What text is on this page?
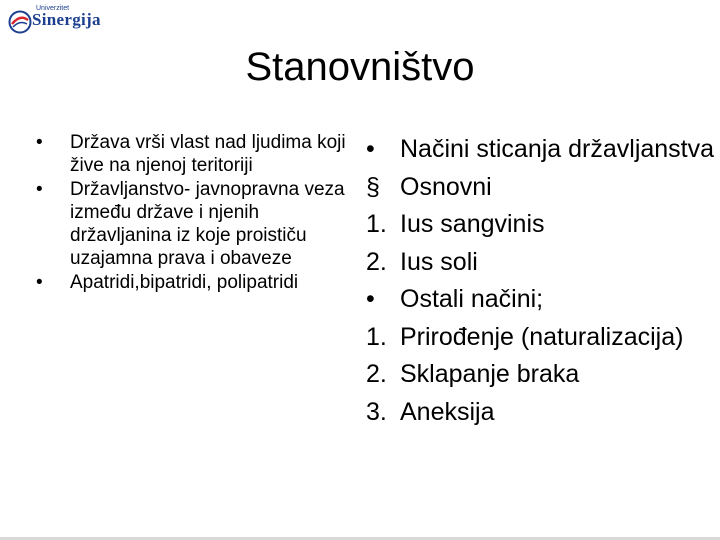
Univerzitet
Sinergija
Stanovništvo
• Država vrši vlast nad ljudima koji žive na njenoj teritoriji
• Državljanstvo- javnopravna veza između države i njenih državljanina iz koje proističu uzajamna prava i obaveze
• Apatridi,bipatridi, polipatridi
• Načini sticanja državljanstva
§ Osnovni
1. Ius sangvinis
2. Ius soli
• Ostali načini;
1. Prirođenje (naturalizacija)
2. Sklapanje braka
3. Aneksija
